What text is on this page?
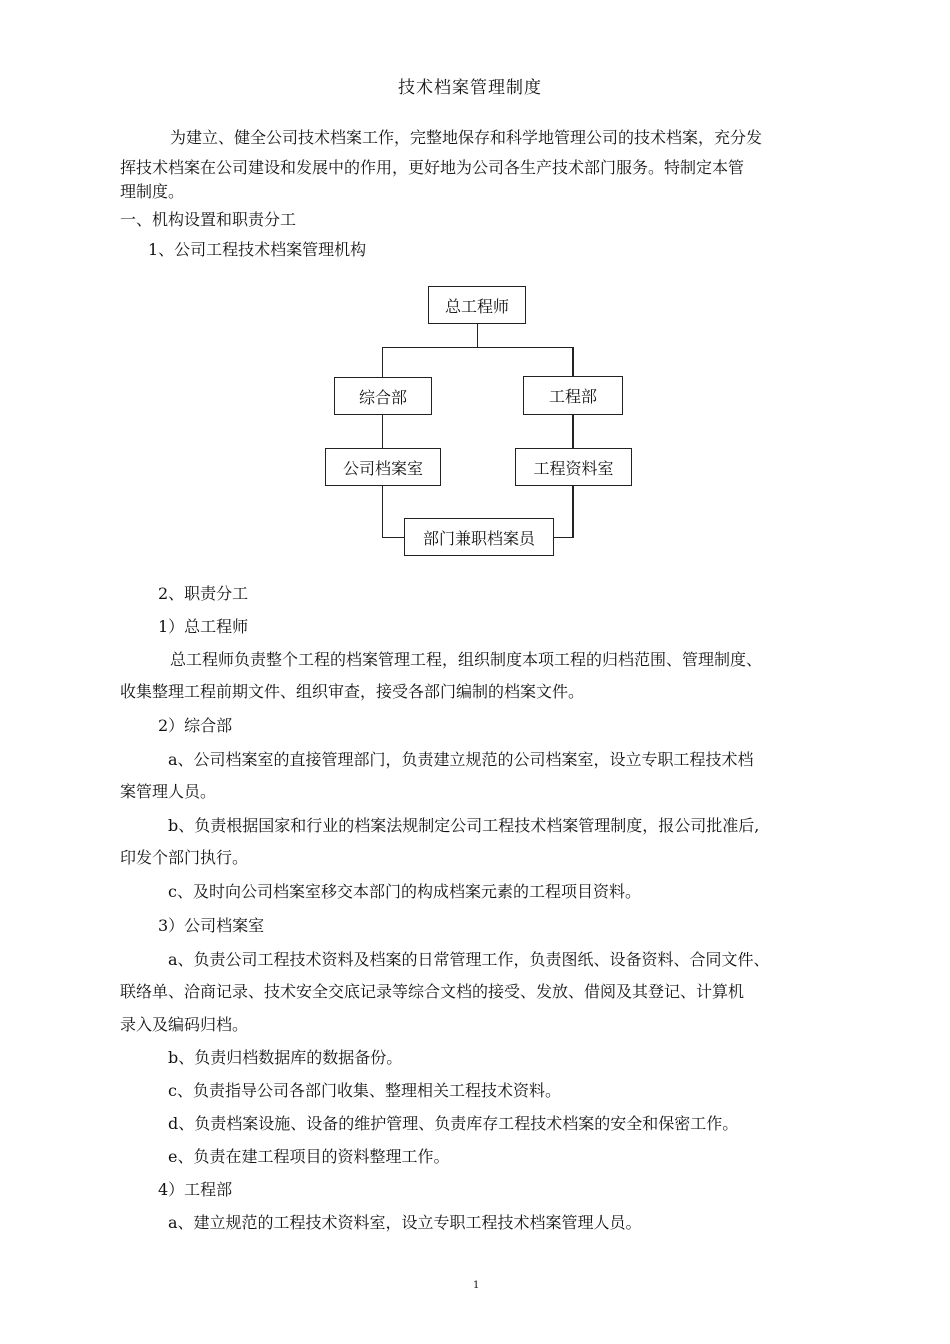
技术档案管理制度
为建立、健全公司技术档案工作，完整地保存和科学地管理公司的技术档案，充分发
挥技术档案在公司建设和发展中的作用，更好地为公司各生产技术部门服务。特制定本管
理制度。
一、机构设置和职责分工
1、公司工程技术档案管理机构
总工程师
综合部	工程部
公司档案室	工程资料室
部门兼职档案员
2、职责分工
1）总工程师
总工程师负责整个工程的档案管理工程，组织制度本项工程的归档范围、管理制度、
收集整理工程前期文件、组织审查，接受各部门编制的档案文件。
2）综合部
a、公司档案室的直接管理部门，负责建立规范的公司档案室，设立专职工程技术档
案管理人员。
b、负责根据国家和行业的档案法规制定公司工程技术档案管理制度，报公司批准后,
印发个部门执行。
c、及时向公司档案室移交本部门的构成档案元素的工程项目资料。
3）公司档案室
a、负责公司工程技术资料及档案的日常管理工作，负责图纸、设备资料、合同文件、
联络单、洽商记录、技术安全交底记录等综合文档的接受、发放、借阅及其登记、计算机
录入及编码归档。
b、负责归档数据库的数据备份。
c、负责指导公司各部门收集、整理相关工程技术资料。
d、负责档案设施、设备的维护管理、负责库存工程技术档案的安全和保密工作。
e、负责在建工程项目的资料整理工作。
4）工程部
a、建立规范的工程技术资料室，设立专职工程技术档案管理人员。
1
